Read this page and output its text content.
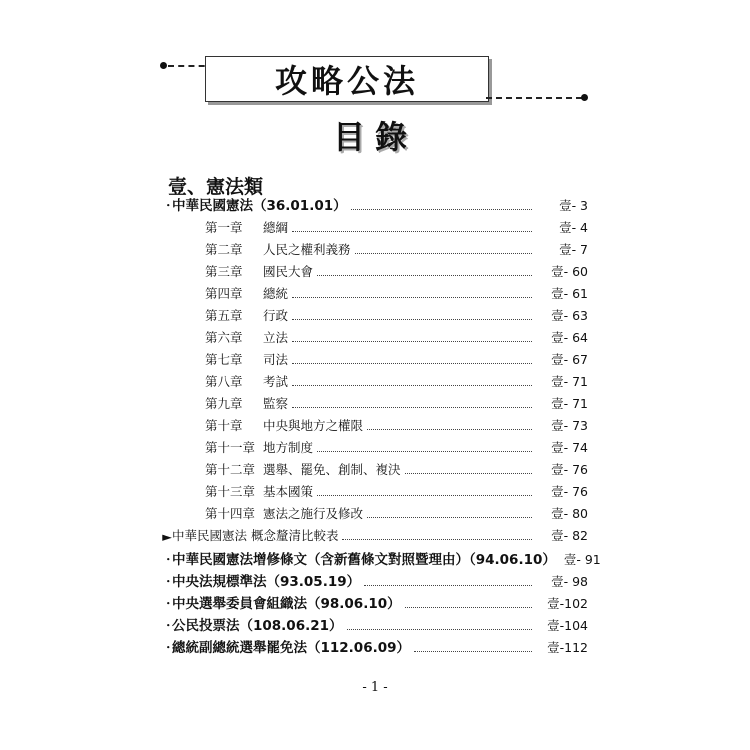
攻略公法
目錄
壹、憲法類
・
中華民國憲法（36.01.01）	壹- 3
第一章	總綱	壹- 4
第二章	人民之權利義務	壹- 7
第三章	國民大會	壹- 60
第四章	總統	壹- 61
第五章	行政	壹- 63
第六章	立法	壹- 64
第七章	司法	壹- 67
第八章	考試	壹- 71
第九章	監察	壹- 71
第十章	中央與地方之權限	壹- 73
第十一章 地方制度	壹- 74
第十二章 選舉、罷免、創制、複決	壹- 76
第十三章 基本國策	壹- 76
第十四章 憲法之施行及修改	壹- 80
► 中華民國憲法 概念釐清比較表	壹- 82
・
中華民國憲法增修條文（含新舊條文對照暨理由）（94.06.10） 壹- 91
・
中央法規標準法（93.05.19）	壹- 98
・
中央選舉委員會組織法（98.06.10）	壹-102
・
公民投票法（108.06.21）	壹-104
・
總統副總統選舉罷免法（112.06.09）	壹-112
- 1 -
